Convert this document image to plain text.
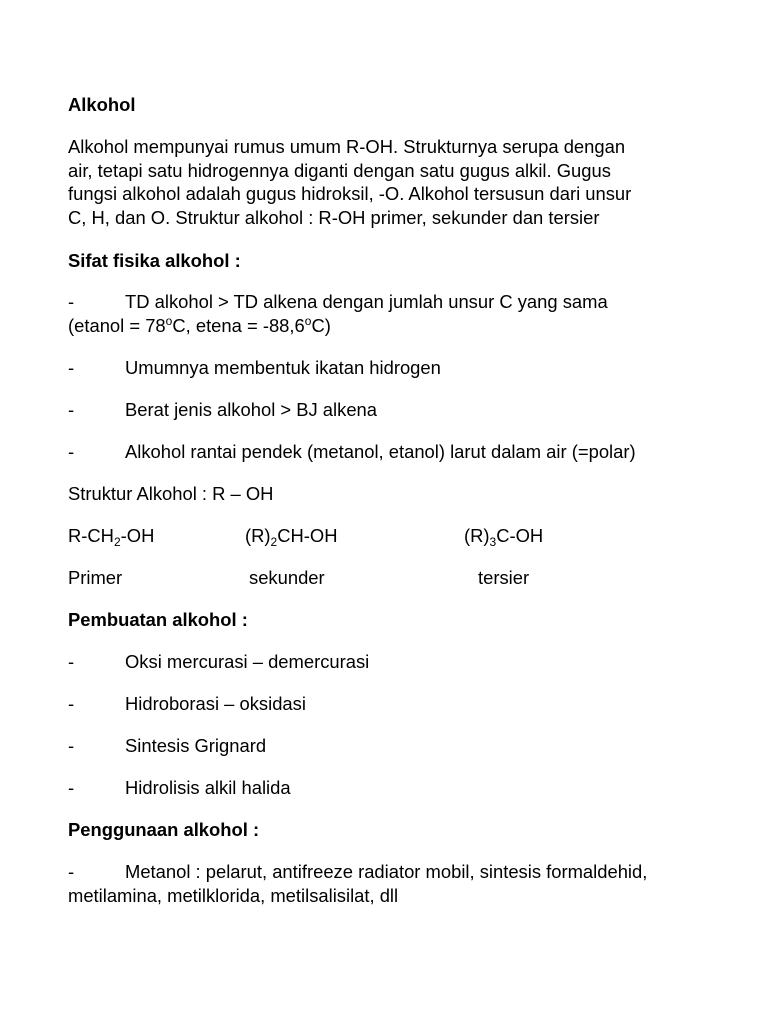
Alkohol
Alkohol mempunyai rumus umum R-OH. Strukturnya serupa dengan
air, tetapi satu hidrogennya diganti dengan satu gugus alkil. Gugus
fungsi alkohol adalah gugus hidroksil, -O. Alkohol tersusun dari unsur
C, H, dan O. Struktur alkohol : R-OH primer, sekunder dan tersier
Sifat fisika alkohol :
-	TD alkohol > TD alkena dengan jumlah unsur C yang sama
(etanol = $78^oC$, etena = $-88,6^oC$)
-	Umumnya membentuk ikatan hidrogen
-	Berat jenis alkohol > BJ alkena
-	Alkohol rantai pendek (metanol, etanol) larut dalam air (=polar)
Struktur Alkohol : R – OH
$R-CH_2-OH$	$(R)_2CH-OH$	$(R)_3C-OH$
Primer	sekunder	tersier
Pembuatan alkohol :
-	Oksi mercurasi – demercurasi
-	Hidroborasi – oksidasi
-	Sintesis Grignard
-	Hidrolisis alkil halida
Penggunaan alkohol :
-	Metanol : pelarut, antifreeze radiator mobil, sintesis formaldehid,
metilamina, metilklorida, metilsalisilat, dll
